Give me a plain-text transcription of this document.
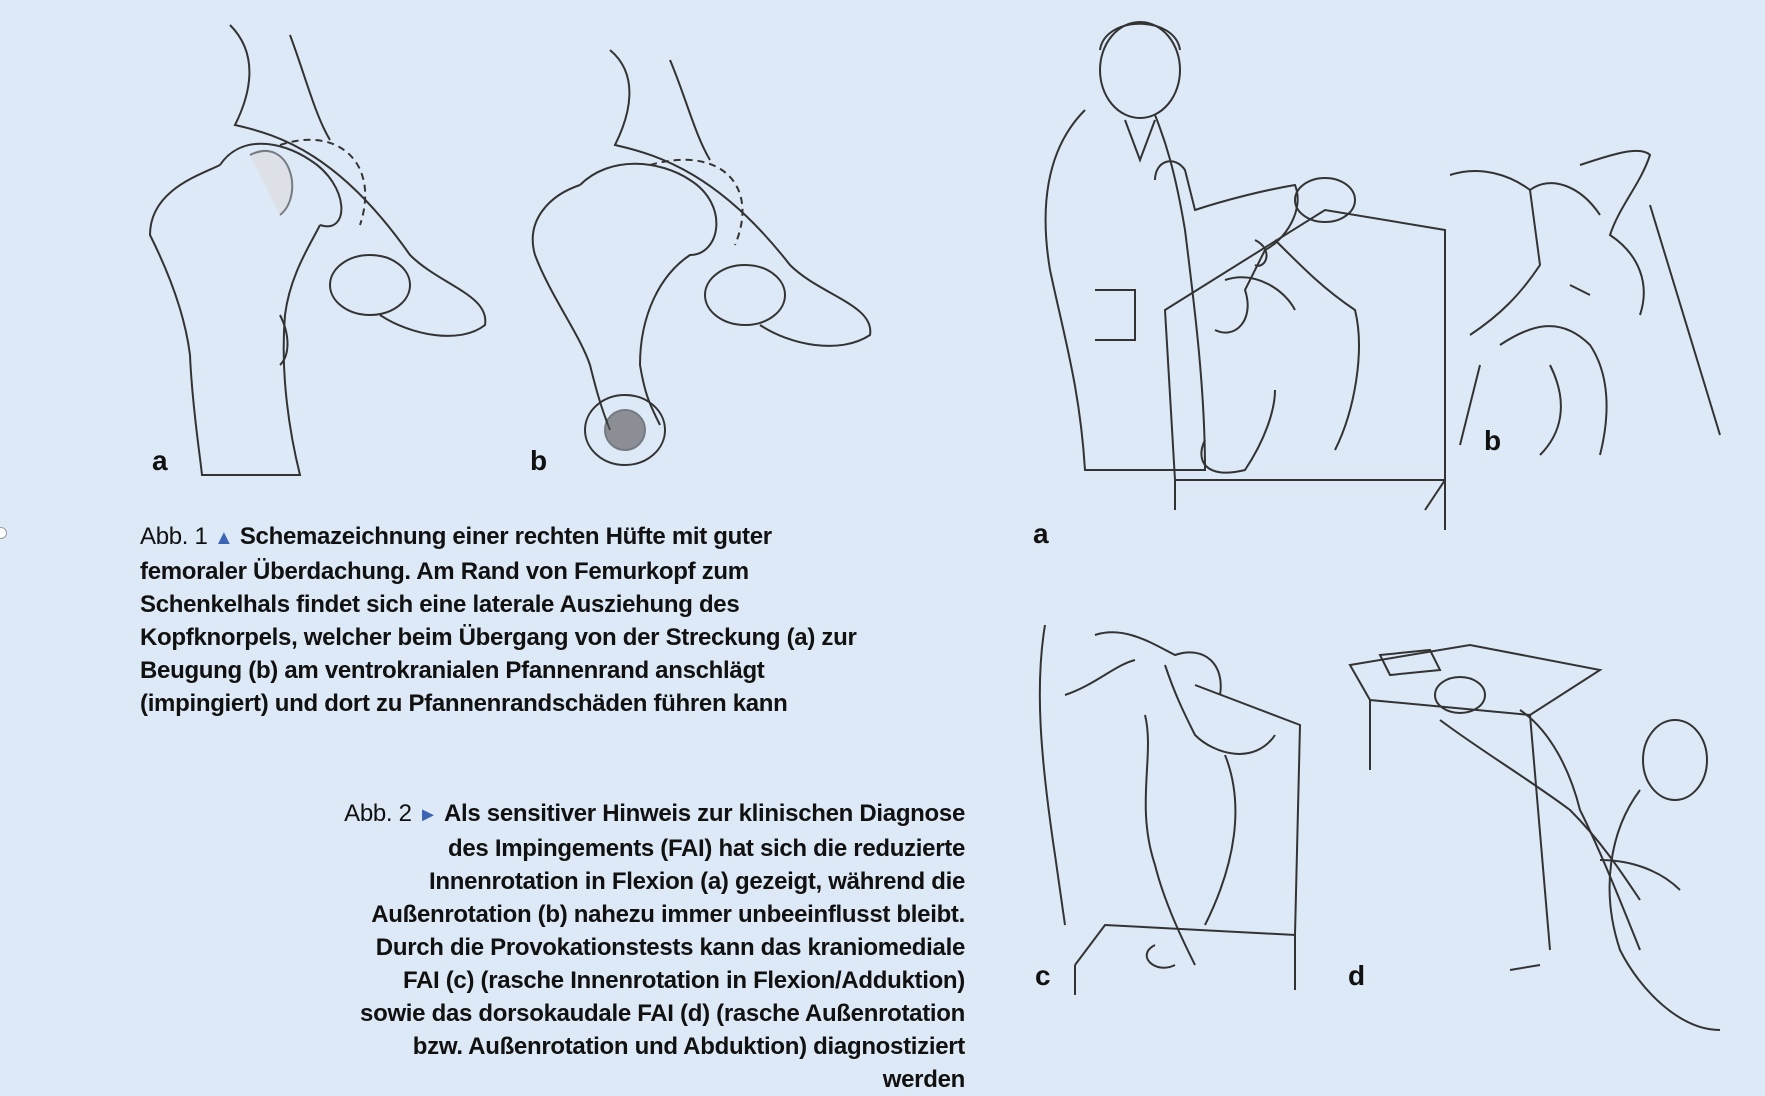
a	b
a
b
c	d
Abb. 1 ▲ Schemazeichnung einer rechten Hüfte mit guter femoraler Überdachung. Am Rand von Femurkopf zum Schenkelhals findet sich eine laterale Ausziehung des Kopfknorpels, welcher beim Übergang von der Streckung (a) zur Beugung (b) am ventrokranialen Pfannenrand anschlägt (impingiert) und dort zu Pfannenrandschäden führen kann
Abb. 2 ► Als sensitiver Hinweis zur klinischen Diagnose des Impingements (FAI) hat sich die reduzierte Innenrotation in Flexion (a) gezeigt, während die Außenrotation (b) nahezu immer unbeeinflusst bleibt. Durch die Provokationstests kann das kraniomediale FAI (c) (rasche Innenrotation in Flexion/Adduktion) sowie das dorsokaudale FAI (d) (rasche Außenrotation bzw. Außenrotation und Abduktion) diagnostiziert werden
